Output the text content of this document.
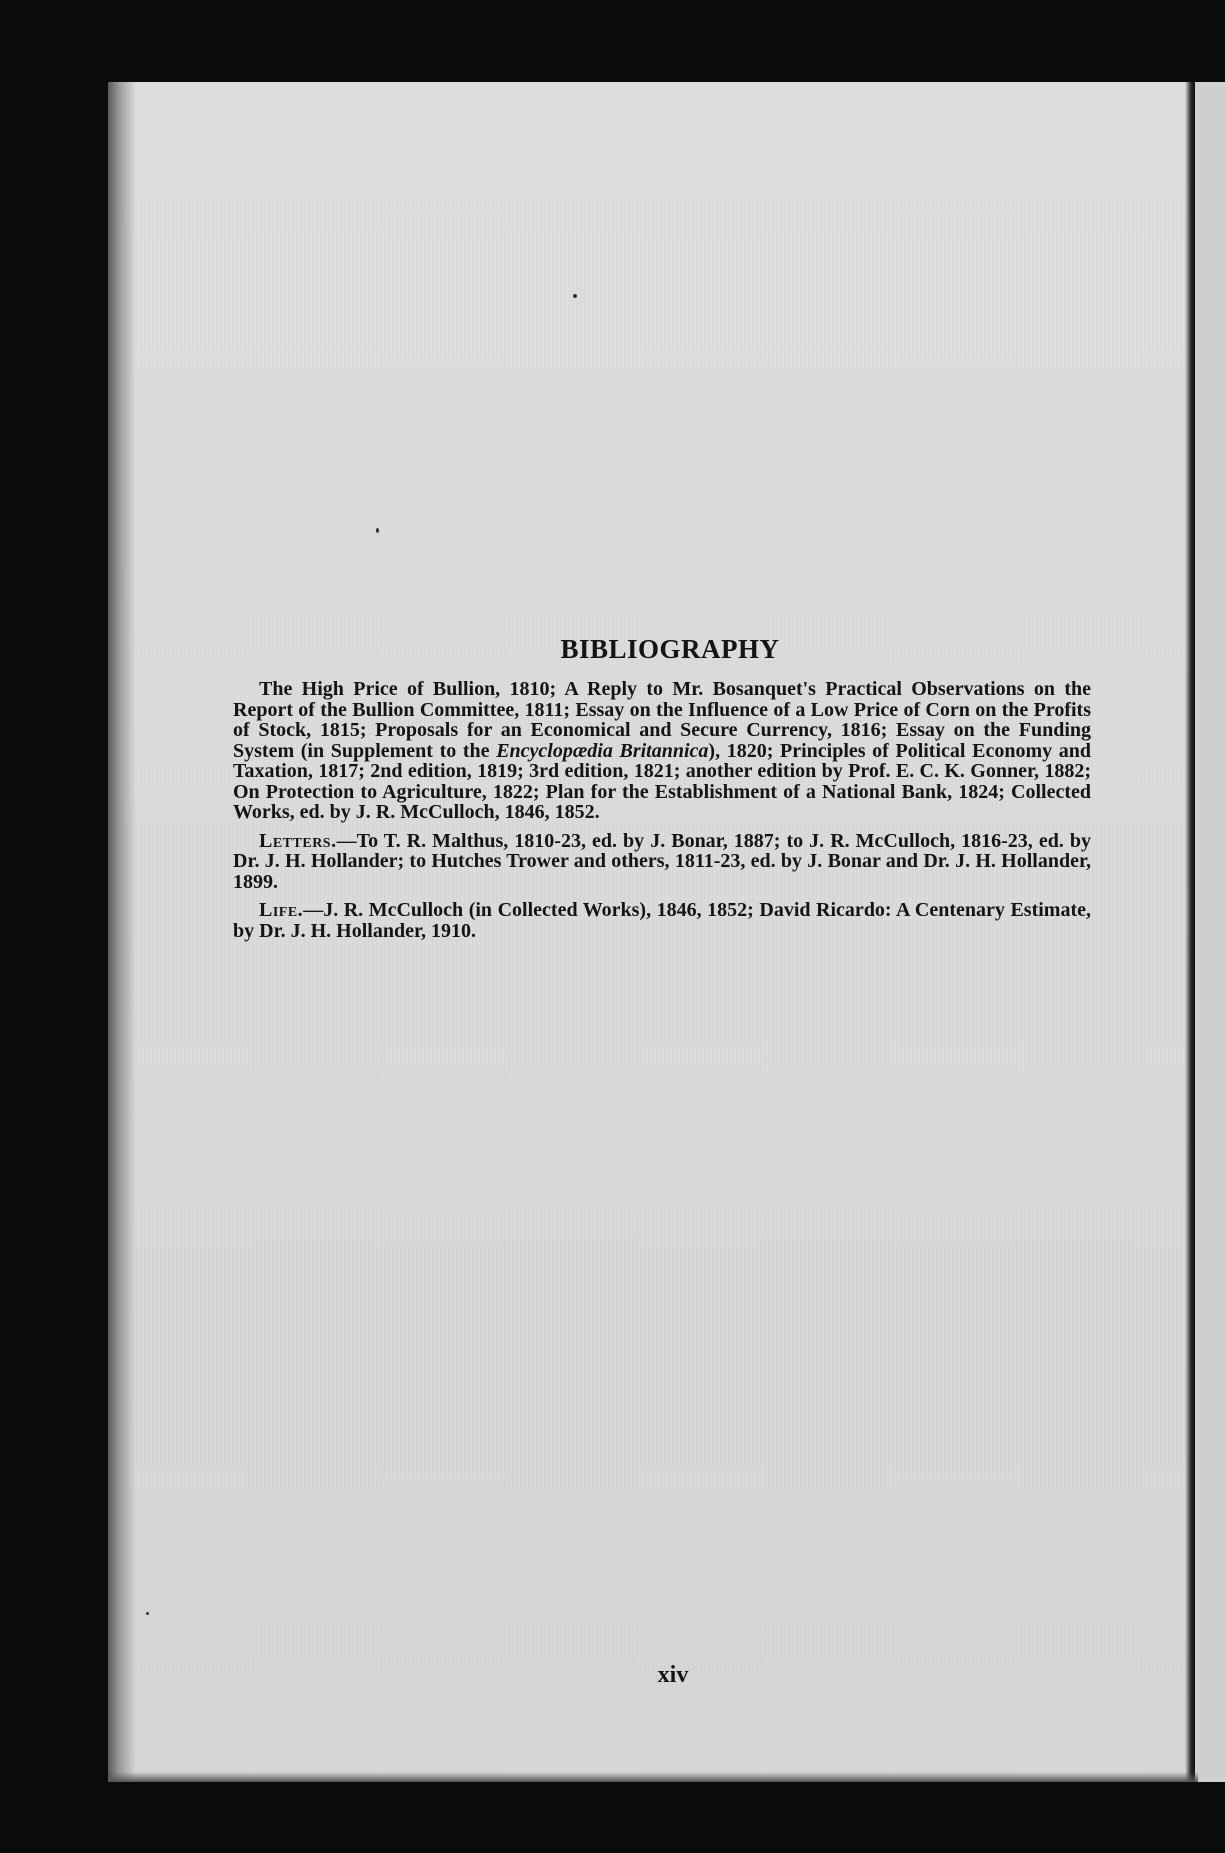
BIBLIOGRAPHY

The High Price of Bullion, 1810; A Reply to Mr. Bosanquet's Practical Observations on the Report of the Bullion Committee, 1811; Essay on the Influence of a Low Price of Corn on the Profits of Stock, 1815; Proposals for an Economical and Secure Currency, 1816; Essay on the Funding System (in Supplement to the Encyclopædia Britannica), 1820; Principles of Political Economy and Taxation, 1817; 2nd edition, 1819; 3rd edition, 1821; another edition by Prof. E. C. K. Gonner, 1882; On Protection to Agriculture, 1822; Plan for the Establishment of a National Bank, 1824; Collected Works, ed. by J. R. McCulloch, 1846, 1852.

Letters.—To T. R. Malthus, 1810-23, ed. by J. Bonar, 1887; to J. R. McCulloch, 1816-23, ed. by Dr. J. H. Hollander; to Hutches Trower and others, 1811-23, ed. by J. Bonar and Dr. J. H. Hollander, 1899.

Life.—J. R. McCulloch (in Collected Works), 1846, 1852; David Ricardo: A Centenary Estimate, by Dr. J. H. Hollander, 1910.

xiv
